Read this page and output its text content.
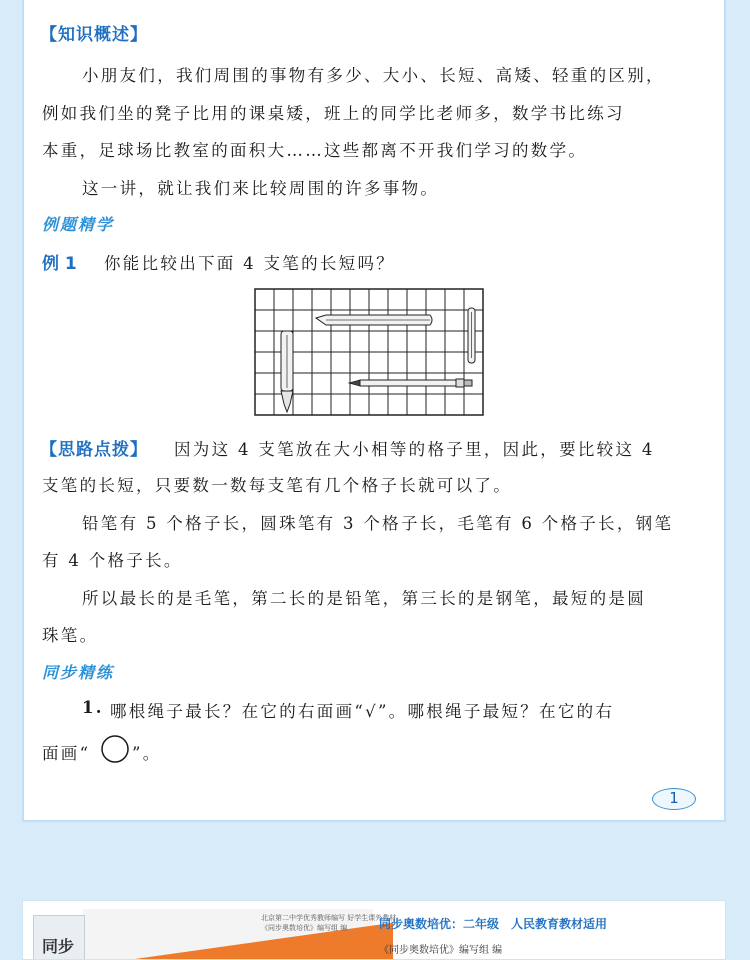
【知识概述】
小朋友们，我们周围的事物有多少、大小、长短、高矮、轻重的区别，
例如我们坐的凳子比用的课桌矮，班上的同学比老师多，数学书比练习
本重，足球场比教室的面积大……这些都离不开我们学习的数学。
这一讲，就让我们来比较周围的许多事物。
例题精学
例 1 你能比较出下面 4 支笔的长短吗？
【思路点拨】 因为这 4 支笔放在大小相等的格子里，因此，要比较这 4
支笔的长短，只要数一数每支笔有几个格子长就可以了。
铅笔有 5 个格子长，圆珠笔有 3 个格子长，毛笔有 6 个格子长，钢笔
有 4 个格子长。
所以最长的是毛笔，第二长的是铅笔，第三长的是钢笔，最短的是圆
珠笔。
同步精练
1. 哪根绳子最长？在它的右面画“√”。哪根绳子最短？在它的右
面画“	”。
1
同步
北京第二中学优秀教师编写 好学生课外教材
《同步奥数培优》编写组 编	同步奥数培优：二年级　人民教育教材适用
《同步奥数培优》编写组 编
